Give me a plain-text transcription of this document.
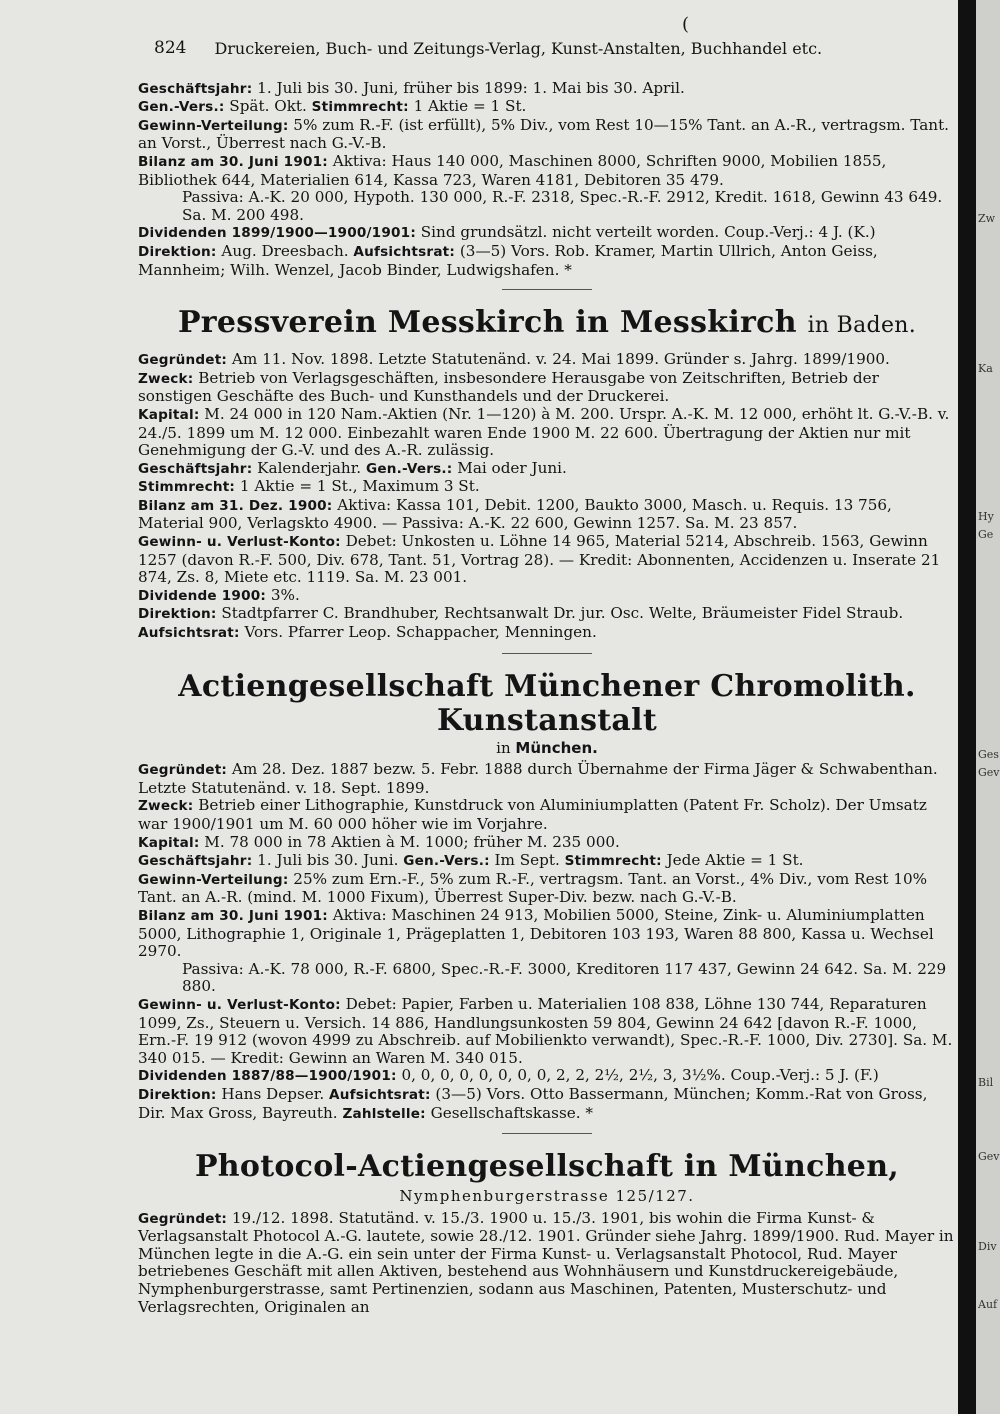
Zw
Ka
Hy
Ge
Ges
Gev
Bil
Gev
Div
Auf
(
824 Druckereien, Buch- und Zeitungs-Verlag, Kunst-Anstalten, Buchhandel etc.

Geschäftsjahr: 1. Juli bis 30. Juni, früher bis 1899: 1. Mai bis 30. April.

Gen.-Vers.: Spät. Okt. Stimmrecht: 1 Aktie = 1 St.

Gewinn-Verteilung: 5% zum R.-F. (ist erfüllt), 5% Div., vom Rest 10—15% Tant. an A.-R., vertragsm. Tant. an Vorst., Überrest nach G.-V.-B.

Bilanz am 30. Juni 1901: Aktiva: Haus 140 000, Maschinen 8000, Schriften 9000, Mobilien 1855, Bibliothek 644, Materialien 614, Kassa 723, Waren 4181, Debitoren 35 479.

Passiva: A.-K. 20 000, Hypoth. 130 000, R.-F. 2318, Spec.-R.-F. 2912, Kredit. 1618, Gewinn 43 649. Sa. M. 200 498.

Dividenden 1899/1900—1900/1901: Sind grundsätzl. nicht verteilt worden. Coup.-Verj.: 4 J. (K.)

Direktion: Aug. Dreesbach. Aufsichtsrat: (3—5) Vors. Rob. Kramer, Martin Ullrich, Anton Geiss, Mannheim; Wilh. Wenzel, Jacob Binder, Ludwigshafen. *

Pressverein Messkirch in Messkirch in Baden.

Gegründet: Am 11. Nov. 1898. Letzte Statutenänd. v. 24. Mai 1899. Gründer s. Jahrg. 1899/1900.

Zweck: Betrieb von Verlagsgeschäften, insbesondere Herausgabe von Zeitschriften, Betrieb der sonstigen Geschäfte des Buch- und Kunsthandels und der Druckerei.

Kapital: M. 24 000 in 120 Nam.-Aktien (Nr. 1—120) à M. 200. Urspr. A.-K. M. 12 000, erhöht lt. G.-V.-B. v. 24./5. 1899 um M. 12 000. Einbezahlt waren Ende 1900 M. 22 600. Übertragung der Aktien nur mit Genehmigung der G.-V. und des A.-R. zulässig.

Geschäftsjahr: Kalenderjahr. Gen.-Vers.: Mai oder Juni.

Stimmrecht: 1 Aktie = 1 St., Maximum 3 St.

Bilanz am 31. Dez. 1900: Aktiva: Kassa 101, Debit. 1200, Baukto 3000, Masch. u. Requis. 13 756, Material 900, Verlagskto 4900. — Passiva: A.-K. 22 600, Gewinn 1257. Sa. M. 23 857.

Gewinn- u. Verlust-Konto: Debet: Unkosten u. Löhne 14 965, Material 5214, Abschreib. 1563, Gewinn 1257 (davon R.-F. 500, Div. 678, Tant. 51, Vortrag 28). — Kredit: Abonnenten, Accidenzen u. Inserate 21 874, Zs. 8, Miete etc. 1119. Sa. M. 23 001.

Dividende 1900: 3%.

Direktion: Stadtpfarrer C. Brandhuber, Rechtsanwalt Dr. jur. Osc. Welte, Bräumeister Fidel Straub. Aufsichtsrat: Vors. Pfarrer Leop. Schappacher, Menningen.

Actiengesellschaft Münchener Chromolith. Kunstanstalt
in München.

Gegründet: Am 28. Dez. 1887 bezw. 5. Febr. 1888 durch Übernahme der Firma Jäger & Schwabenthan. Letzte Statutenänd. v. 18. Sept. 1899.

Zweck: Betrieb einer Lithographie, Kunstdruck von Aluminiumplatten (Patent Fr. Scholz). Der Umsatz war 1900/1901 um M. 60 000 höher wie im Vorjahre.

Kapital: M. 78 000 in 78 Aktien à M. 1000; früher M. 235 000.

Geschäftsjahr: 1. Juli bis 30. Juni. Gen.-Vers.: Im Sept. Stimmrecht: Jede Aktie = 1 St.

Gewinn-Verteilung: 25% zum Ern.-F., 5% zum R.-F., vertragsm. Tant. an Vorst., 4% Div., vom Rest 10% Tant. an A.-R. (mind. M. 1000 Fixum), Überrest Super-Div. bezw. nach G.-V.-B.

Bilanz am 30. Juni 1901: Aktiva: Maschinen 24 913, Mobilien 5000, Steine, Zink- u. Aluminiumplatten 5000, Lithographie 1, Originale 1, Prägeplatten 1, Debitoren 103 193, Waren 88 800, Kassa u. Wechsel 2970.

Passiva: A.-K. 78 000, R.-F. 6800, Spec.-R.-F. 3000, Kreditoren 117 437, Gewinn 24 642. Sa. M. 229 880.

Gewinn- u. Verlust-Konto: Debet: Papier, Farben u. Materialien 108 838, Löhne 130 744, Reparaturen 1099, Zs., Steuern u. Versich. 14 886, Handlungsunkosten 59 804, Gewinn 24 642 [davon R.-F. 1000, Ern.-F. 19 912 (wovon 4999 zu Abschreib. auf Mobilienkto verwandt), Spec.-R.-F. 1000, Div. 2730]. Sa. M. 340 015. — Kredit: Gewinn an Waren M. 340 015.

Dividenden 1887/88—1900/1901: 0, 0, 0, 0, 0, 0, 0, 0, 2, 2, 2½, 2½, 3, 3½%. Coup.-Verj.: 5 J. (F.)

Direktion: Hans Depser. Aufsichtsrat: (3—5) Vors. Otto Bassermann, München; Komm.-Rat von Gross, Dir. Max Gross, Bayreuth. Zahlstelle: Gesellschaftskasse. *

Photocol-Actiengesellschaft in München,
Nymphenburgerstrasse 125/127.

Gegründet: 19./12. 1898. Statutänd. v. 15./3. 1900 u. 15./3. 1901, bis wohin die Firma Kunst- & Verlagsanstalt Photocol A.-G. lautete, sowie 28./12. 1901. Gründer siehe Jahrg. 1899/1900. Rud. Mayer in München legte in die A.-G. ein sein unter der Firma Kunst- u. Verlagsanstalt Photocol, Rud. Mayer betriebenes Geschäft mit allen Aktiven, bestehend aus Wohnhäusern und Kunstdruckereigebäude, Nymphenburgerstrasse, samt Pertinenzien, sodann aus Maschinen, Patenten, Musterschutz- und Verlagsrechten, Originalen an
